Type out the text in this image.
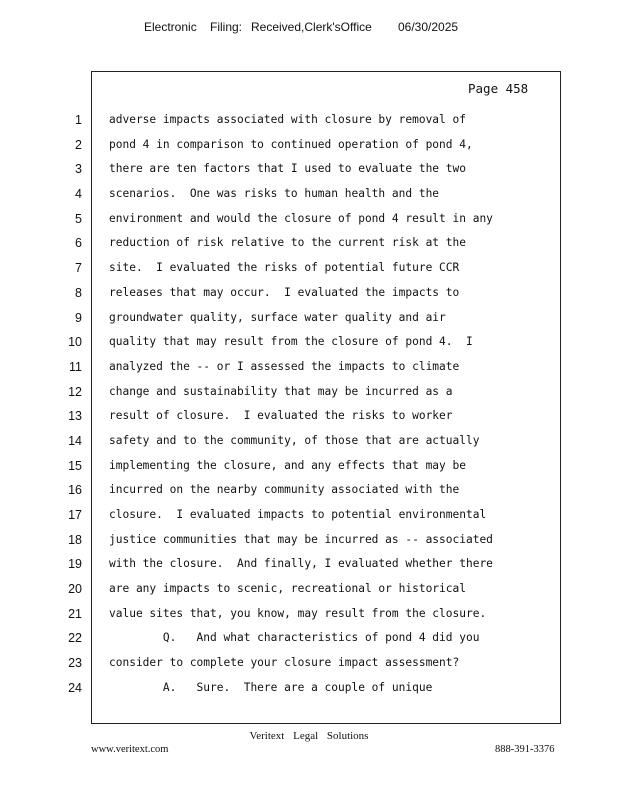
Electronic Filing: Received,Clerk'sOffice 06/30/2025
Page 458
1 adverse impacts associated with closure by removal of
2 pond 4 in comparison to continued operation of pond 4,
3 there are ten factors that I used to evaluate the two
4 scenarios.  One was risks to human health and the
5 environment and would the closure of pond 4 result in any
6 reduction of risk relative to the current risk at the
7 site.  I evaluated the risks of potential future CCR
8 releases that may occur.  I evaluated the impacts to
9 groundwater quality, surface water quality and air
10 quality that may result from the closure of pond 4.  I
11 analyzed the -- or I assessed the impacts to climate
12 change and sustainability that may be incurred as a
13 result of closure.  I evaluated the risks to worker
14 safety and to the community, of those that are actually
15 implementing the closure, and any effects that may be
16 incurred on the nearby community associated with the
17 closure.  I evaluated impacts to potential environmental
18 justice communities that may be incurred as -- associated
19 with the closure.  And finally, I evaluated whether there
20 are any impacts to scenic, recreational or historical
21 value sites that, you know, may result from the closure.
22 Q.   And what characteristics of pond 4 did you
23 consider to complete your closure impact assessment?
24 A.   Sure.  There are a couple of unique
Veritext Legal Solutions
www.veritext.com	888-391-3376
